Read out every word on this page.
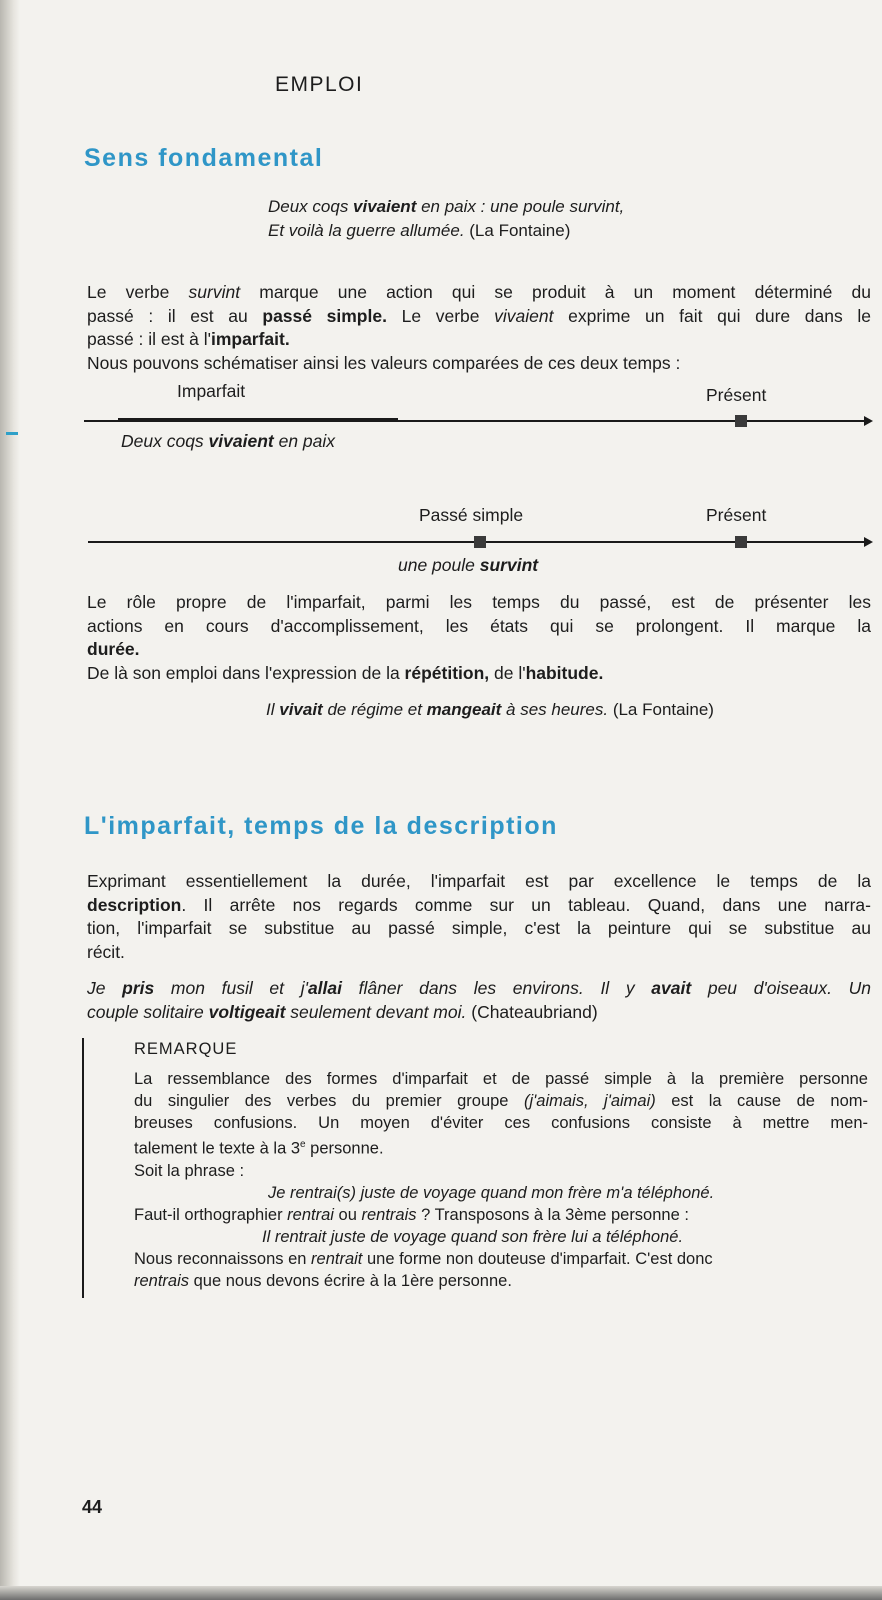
EMPLOI
Sens fondamental
Deux coqs vivaient en paix : une poule survint,
Et voilà la guerre allumée. (La Fontaine)
Le verbe survint marque une action qui se produit à un moment déterminé du
passé : il est au passé simple. Le verbe vivaient exprime un fait qui dure dans le
passé : il est à l'imparfait.
Nous pouvons schématiser ainsi les valeurs comparées de ces deux temps :
Imparfait	Présent
Deux coqs vivaient en paix
Passé simple	Présent
une poule survint
Le rôle propre de l'imparfait, parmi les temps du passé, est de présenter les
actions en cours d'accomplissement, les états qui se prolongent. Il marque la
durée.
De là son emploi dans l'expression de la répétition, de l'habitude.
Il vivait de régime et mangeait à ses heures. (La Fontaine)
L'imparfait, temps de la description
Exprimant essentiellement la durée, l'imparfait est par excellence le temps de la
description. Il arrête nos regards comme sur un tableau. Quand, dans une narra-
tion, l'imparfait se substitue au passé simple, c'est la peinture qui se substitue au
récit.
Je pris mon fusil et j'allai flâner dans les environs. Il y avait peu d'oiseaux. Un
couple solitaire voltigeait seulement devant moi. (Chateaubriand)
REMARQUE
La ressemblance des formes d'imparfait et de passé simple à la première personne
du singulier des verbes du premier groupe (j'aimais, j'aimai) est la cause de nom-
breuses confusions. Un moyen d'éviter ces confusions consiste à mettre men-
talement le texte à la 3e personne.
Soit la phrase :
Je rentrai(s) juste de voyage quand mon frère m'a téléphoné.
Faut-il orthographier rentrai ou rentrais ? Transposons à la 3ème personne :
Il rentrait juste de voyage quand son frère lui a téléphoné.
Nous reconnaissons en rentrait une forme non douteuse d'imparfait. C'est donc
rentrais que nous devons écrire à la 1ère personne.
44
